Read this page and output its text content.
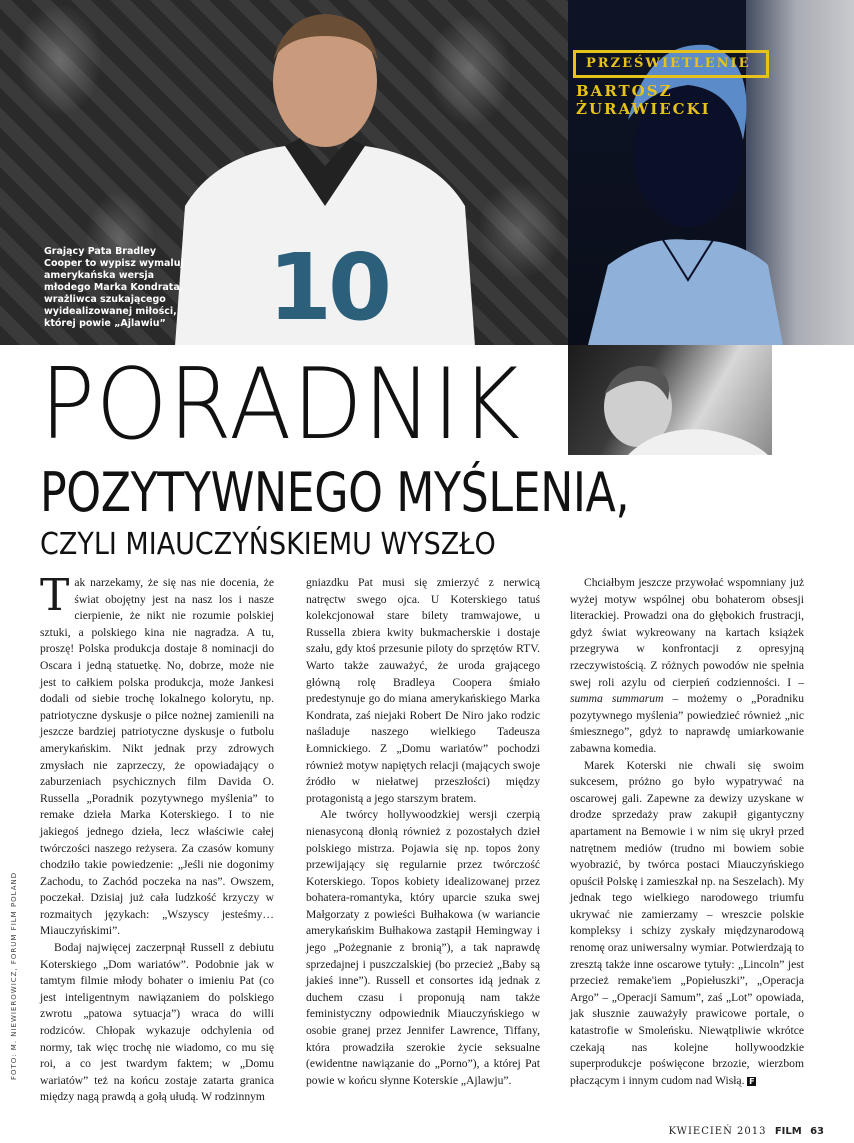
10
Grający Pata Bradley Cooper to wypisz wymaluj amerykańska wersja młodego Marka Kondrata, wrażliwca szukającego wyidealizowanej miłości, której powie „Ajlawiu”
PRZEŚWIETLENIE
BARTOSZ
ŻURAWIECKI
PORADNIK
POZYTYWNEGO MYŚLENIA,
CZYLI MIAUCZYŃSKIEMU WYSZŁO

Tak narzekamy, że się nas nie docenia, że świat obojętny jest na nasz los i nasze cierpienie, że nikt nie rozumie polskiej sztuki, a polskiego kina nie nagradza. A tu, proszę! Polska produkcja dostaje 8 nominacji do Oscara i jedną statuetkę. No, dobrze, może nie jest to całkiem polska produkcja, może Jankesi dodali od siebie trochę lokalnego kolorytu, np. patriotyczne dyskusje o piłce nożnej zamienili na jeszcze bardziej patriotyczne dyskusje o futbolu amerykańskim. Nikt jednak przy zdrowych zmysłach nie zaprzeczy, że opowiadający o zaburzeniach psychicznych film Davida O. Russella „Poradnik pozytywnego myślenia” to remake dzieła Marka Koterskiego. I to nie jakiegoś jednego dzieła, lecz właściwie całej twórczości naszego reżysera. Za czasów komuny chodziło takie powiedzenie: „Jeśli nie dogonimy Zachodu, to Zachód poczeka na nas”. Owszem, poczekał. Dzisiaj już cała ludzkość krzyczy w rozmaitych językach: „Wszyscy jesteśmy… Miauczyńskimi”.

Bodaj najwięcej zaczerpnął Russell z debiutu Koterskiego „Dom wariatów”. Podobnie jak w tamtym filmie młody bohater o imieniu Pat (co jest inteligentnym nawiązaniem do polskiego zwrotu „patowa sytuacja”) wraca do willi rodziców. Chłopak wykazuje odchylenia od normy, tak więc trochę nie wiadomo, co mu się roi, a co jest twardym faktem; w „Domu wariatów” też na końcu zostaje zatarta granica między nagą prawdą a gołą ułudą. W rodzinnym

gniazdku Pat musi się zmierzyć z nerwicą natręctw swego ojca. U Koterskiego tatuś kolekcjonował stare bilety tramwajowe, u Russella zbiera kwity bukmacherskie i dostaje szału, gdy ktoś przesunie piloty do sprzętów RTV. Warto także zauważyć, że uroda grającego główną rolę Bradleya Coopera śmiało predestynuje go do miana amerykańskiego Marka Kondrata, zaś niejaki Robert De Niro jako rodzic naśladuje naszego wielkiego Tadeusza Łomnickiego. Z „Domu wariatów” pochodzi również motyw napiętych relacji (mających swoje źródło w niełatwej przeszłości) między protagonistą a jego starszym bratem.

Ale twórcy hollywoodzkiej wersji czerpią nienasyconą dłonią również z pozostałych dzieł polskiego mistrza. Pojawia się np. topos żony przewijający się regularnie przez twórczość Koterskiego. Topos kobiety idealizowanej przez bohatera-romantyka, który uparcie szuka swej Małgorzaty z powieści Bułhakowa (w wariancie amerykańskim Bułhakowa zastąpił Hemingway i jego „Pożegnanie z bronią”), a tak naprawdę sprzedajnej i puszczalskiej (bo przecież „Baby są jakieś inne”). Russell et consortes idą jednak z duchem czasu i proponują nam także feministyczny odpowiednik Miauczyńskiego w osobie granej przez Jennifer Lawrence, Tiffany, która prowadziła szerokie życie seksualne (ewidentne nawiązanie do „Porno”), a której Pat powie w końcu słynne Koterskie „Ajlawju”.

Chciałbym jeszcze przywołać wspomniany już wyżej motyw wspólnej obu bohaterom obsesji literackiej. Prowadzi ona do głębokich frustracji, gdyż świat wykreowany na kartach książek przegrywa w konfrontacji z opresyjną rzeczywistością. Z różnych powodów nie spełnia swej roli azylu od cierpień codzienności. I – summa summarum – możemy o „Poradniku pozytywnego myślenia” powiedzieć również „nic śmiesznego”, gdyż to naprawdę umiarkowanie zabawna komedia.

Marek Koterski nie chwali się swoim sukcesem, próżno go było wypatrywać na oscarowej gali. Zapewne za dewizy uzyskane w drodze sprzedaży praw zakupił gigantyczny apartament na Bemowie i w nim się ukrył przed natrętnem mediów (trudno mi bowiem sobie wyobrazić, by twórca postaci Miauczyńskiego opuścił Polskę i zamieszkał np. na Seszelach). My jednak tego wielkiego narodowego triumfu ukrywać nie zamierzamy – wreszcie polskie kompleksy i schizy zyskały międzynarodową renomę oraz uniwersalny wymiar. Potwierdzają to zresztą także inne oscarowe tytuły: „Lincoln” jest przecież remake'iem „Popiełuszki”, „Operacja Argo” – „Operacji Samum”, zaś „Lot” opowiada, jak słusznie zauważyły prawicowe portale, o katastrofie w Smoleńsku. Niewątpliwie wkrótce czekają nas kolejne hollywoodzkie superprodukcje poświęcone brzozie, wierzbom płaczącym i innym cudom nad Wisłą. F

FOTO: M. NIEWIEROWICZ, FORUM FILM POLAND
KWIECIEŃ 2013 FILM 63
